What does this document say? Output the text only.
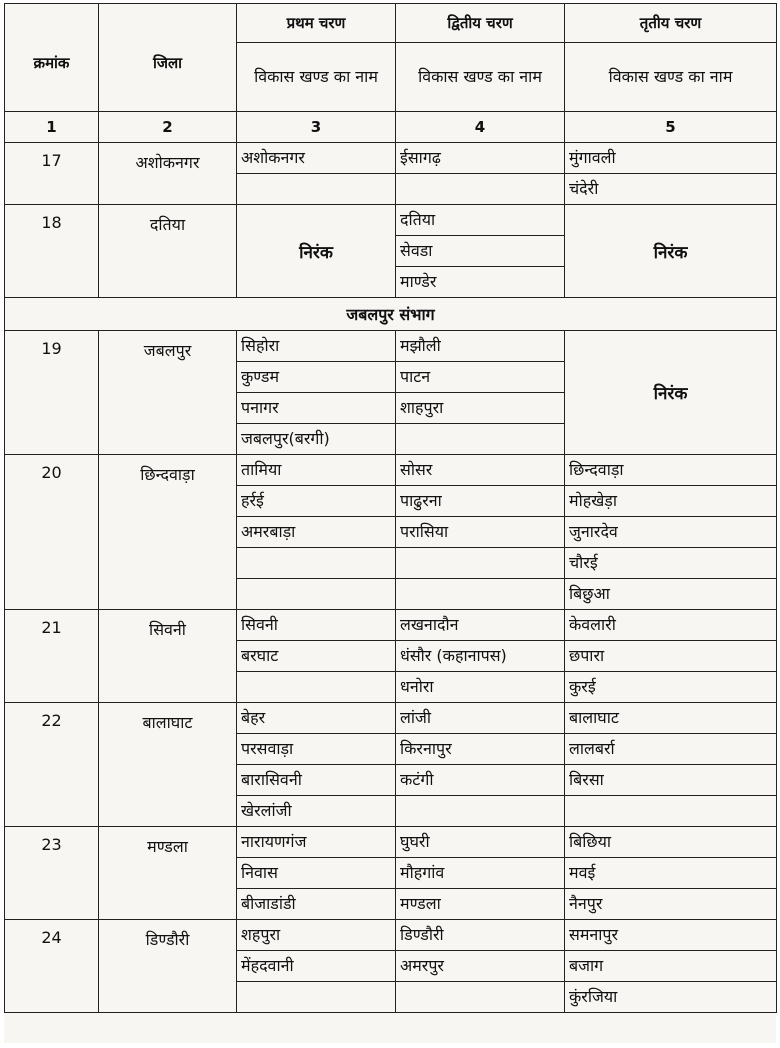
क्रमांक	जिला	प्रथम चरण	द्वितीय चरण	तृतीय चरण
		विकास खण्ड का नाम	विकास खण्ड का नाम	विकास खण्ड का नाम
1	2	3	4	5
17	अशोकनगर	अशोकनगर	ईसागढ़	मुंगावली
				चंदेरी
18	दतिया	निरंक	दतिया	निरंक
			सेवडा	
			माण्डेर	
जबलपुर संभाग				
19	जबलपुर	सिहोरा	मझौली	निरंक
		कुण्डम	पाटन	
		पनागर	शाहपुरा	
		जबलपुर(बरगी)		
20	छिन्दवाड़ा	तामिया	सोसर	छिन्दवाड़ा
		हर्रई	पाढुरना	मोहखेड़ा
		अमरबाड़ा	परासिया	जुनारदेव
				चौरई
				बिछुआ
21	सिवनी	सिवनी	लखनादौन	केवलारी
		बरघाट	धंसौर (कहानापस)	छपारा
			धनोरा	कुरई
22	बालाघाट	बेहर	लांजी	बालाघाट
		परसवाड़ा	किरनापुर	लालबर्रा
		बारासिवनी	कटंगी	बिरसा
		खेरलांजी		
23	मण्डला	नारायणगंज	घुघरी	बिछिया
		निवास	मौहगांव	मवई
		बीजाडांडी	मण्डला	नैनपुर
24	डिण्डौरी	शहपुरा	डिण्डौरी	समनापुर
		मेंहदवानी	अमरपुर	बजाग
				कुंरजिया
